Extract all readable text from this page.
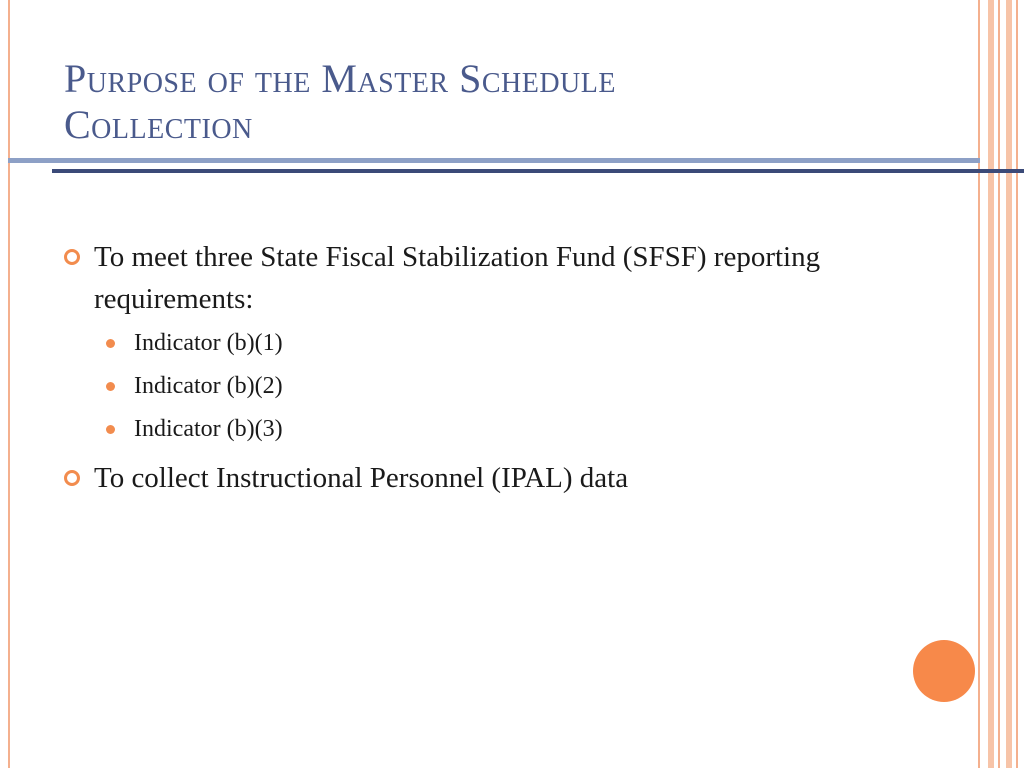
Purpose of the Master Schedule
Collection
To meet three State Fiscal Stabilization Fund (SFSF) reporting requirements:
Indicator (b)(1)
Indicator (b)(2)
Indicator (b)(3)
To collect Instructional Personnel (IPAL) data
